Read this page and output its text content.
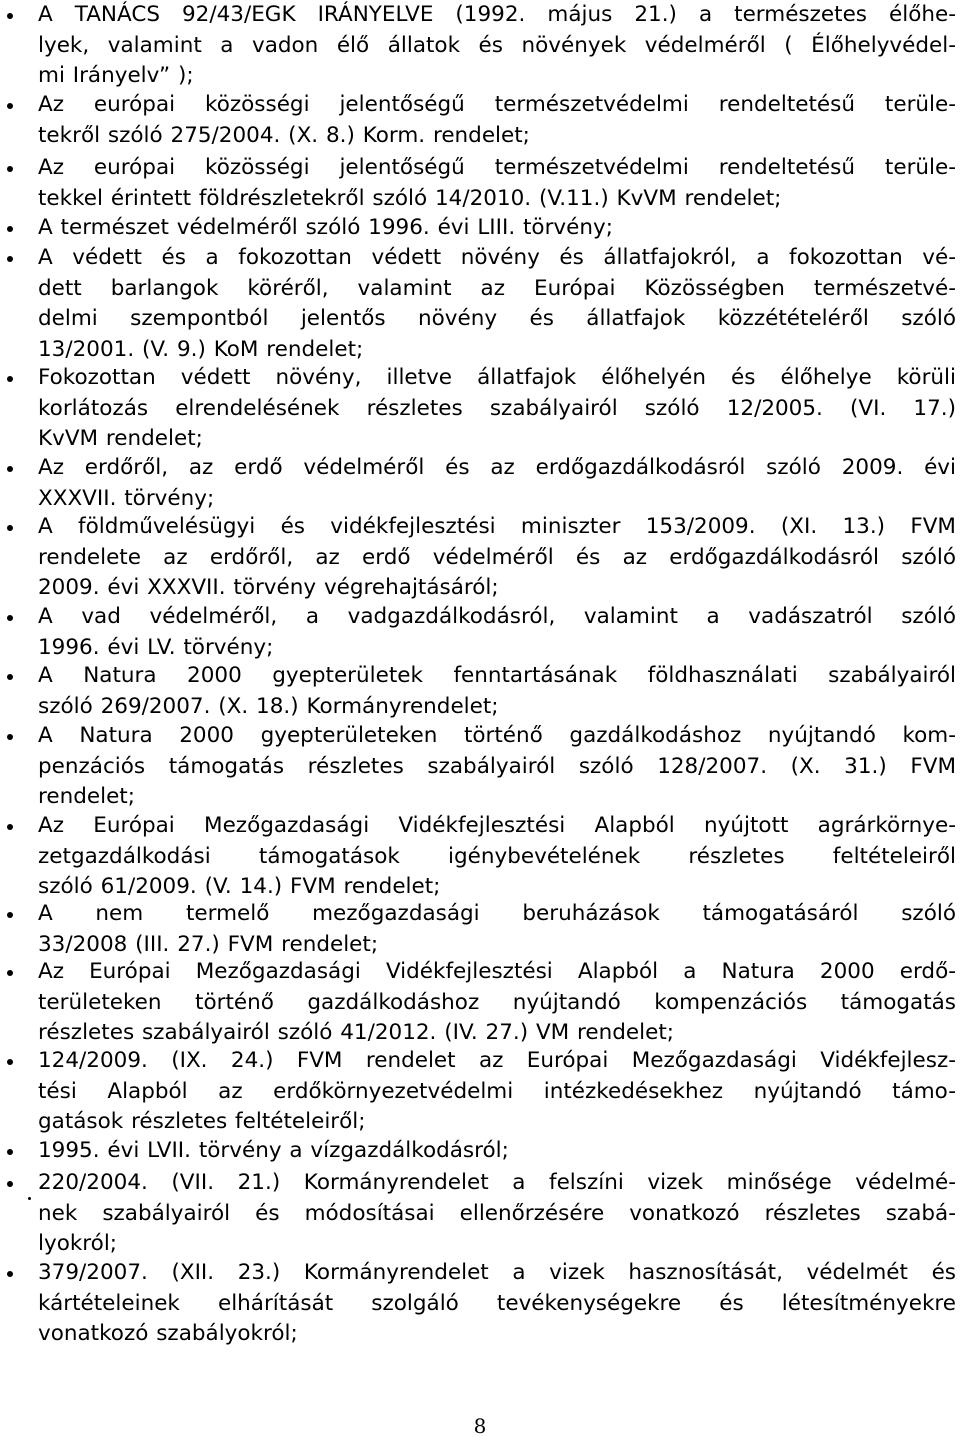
A TANÁCS 92/43/EGK IRÁNYELVE (1992. május 21.) a természetes élőhe-
lyek, valamint a vadon élő állatok és növények védelméről ( Élőhelyvédel-
mi Irányelv” );
Az európai közösségi jelentőségű természetvédelmi rendeltetésű terüle-
tekről szóló 275/2004. (X. 8.) Korm. rendelet;
Az európai közösségi jelentőségű természetvédelmi rendeltetésű terüle-
tekkel érintett földrészletekről szóló 14/2010. (V.11.) KvVM rendelet;
A természet védelméről szóló 1996. évi LIII. törvény;
A védett és a fokozottan védett növény és állatfajokról, a fokozottan vé-
dett barlangok köréről, valamint az Európai Közösségben természetvé-
delmi szempontból jelentős növény és állatfajok közzétételéről szóló
13/2001. (V. 9.) KoM rendelet;
Fokozottan védett növény, illetve állatfajok élőhelyén és élőhelye körüli
korlátozás elrendelésének részletes szabályairól szóló 12/2005. (VI. 17.)
KvVM rendelet;
Az erdőről, az erdő védelméről és az erdőgazdálkodásról szóló 2009. évi
XXXVII. törvény;
A földművelésügyi és vidékfejlesztési miniszter 153/2009. (XI. 13.) FVM
rendelete az erdőről, az erdő védelméről és az erdőgazdálkodásról szóló
2009. évi XXXVII. törvény végrehajtásáról;
A vad védelméről, a vadgazdálkodásról, valamint a vadászatról szóló
1996. évi LV. törvény;
A Natura 2000 gyepterületek fenntartásának földhasználati szabályairól
szóló 269/2007. (X. 18.) Kormányrendelet;
A Natura 2000 gyepterületeken történő gazdálkodáshoz nyújtandó kom-
penzációs támogatás részletes szabályairól szóló 128/2007. (X. 31.) FVM
rendelet;
Az Európai Mezőgazdasági Vidékfejlesztési Alapból nyújtott agrárkörnye-
zetgazdálkodási támogatások igénybevételének részletes feltételeiről
szóló 61/2009. (V. 14.) FVM rendelet;
A nem termelő mezőgazdasági beruházások támogatásáról szóló
33/2008 (III. 27.) FVM rendelet;
Az Európai Mezőgazdasági Vidékfejlesztési Alapból a Natura 2000 erdő-
területeken történő gazdálkodáshoz nyújtandó kompenzációs támogatás
részletes szabályairól szóló 41/2012. (IV. 27.) VM rendelet;
124/2009. (IX. 24.) FVM rendelet az Európai Mezőgazdasági Vidékfejlesz-
tési Alapból az erdőkörnyezetvédelmi intézkedésekhez nyújtandó támo-
gatások részletes feltételeiről;
1995. évi LVII. törvény a vízgazdálkodásról;
220/2004. (VII. 21.) Kormányrendelet a felszíni vizek minősége védelmé-
nek szabályairól és módosításai ellenőrzésére vonatkozó részletes szabá-
lyokról;
379/2007. (XII. 23.) Kormányrendelet a vizek hasznosítását, védelmét és
kártételeinek elhárítását szolgáló tevékenységekre és létesítményekre
vonatkozó szabályokról;
8
